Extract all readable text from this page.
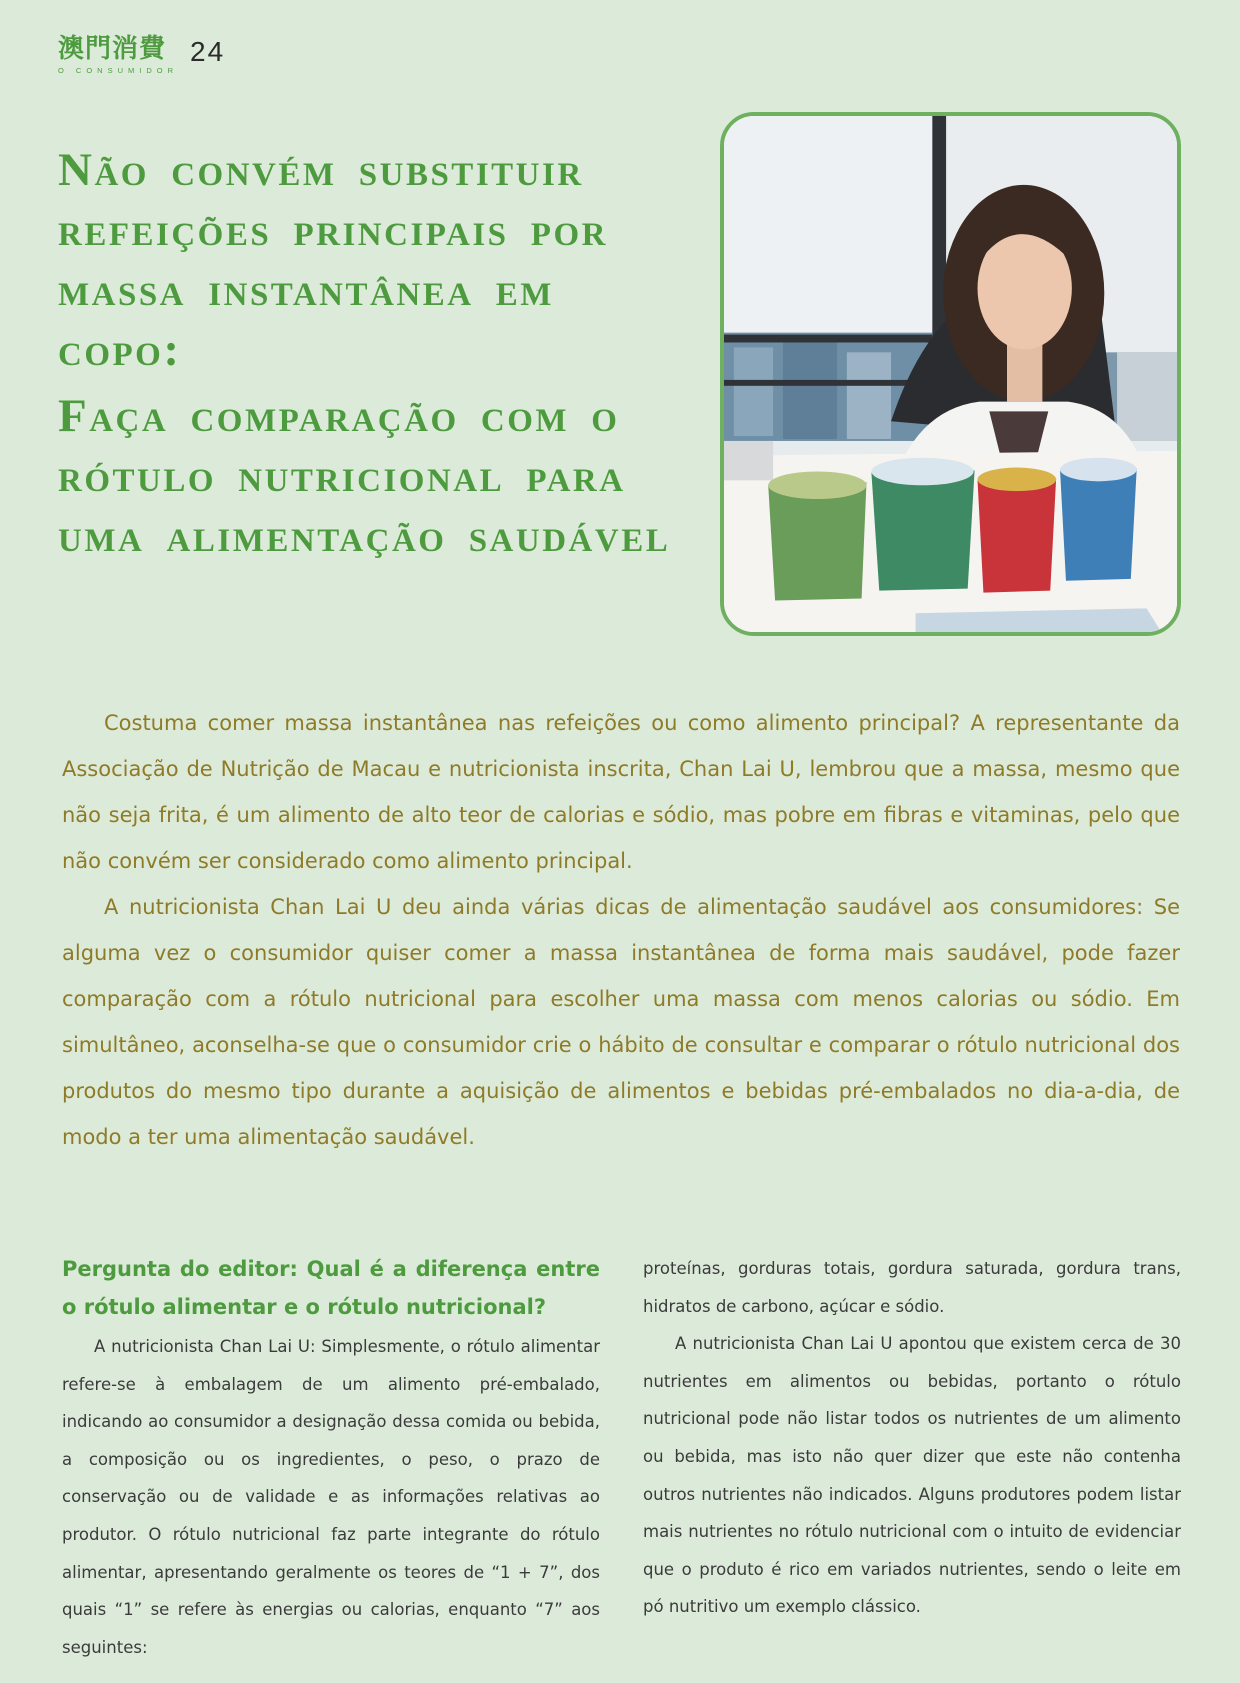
澳門消費
O CONSUMIDOR
24
Não convém substituir refeições principais por massa instantânea em copo:
Faça comparação com o rótulo nutricional para uma alimentação saudável

Costuma comer massa instantânea nas refeições ou como alimento principal? A representante da Associação de Nutrição de Macau e nutricionista inscrita, Chan Lai U, lembrou que a massa, mesmo que não seja frita, é um alimento de alto teor de calorias e sódio, mas pobre em fibras e vitaminas, pelo que não convém ser considerado como alimento principal.

A nutricionista Chan Lai U deu ainda várias dicas de alimentação saudável aos consumidores: Se alguma vez o consumidor quiser comer a massa instantânea de forma mais saudável, pode fazer comparação com a rótulo nutricional para escolher uma massa com menos calorias ou sódio. Em simultâneo, aconselha-se que o consumidor crie o hábito de consultar e comparar o rótulo nutricional dos produtos do mesmo tipo durante a aquisição de alimentos e bebidas pré-embalados no dia-a-dia, de modo a ter uma alimentação saudável.

Pergunta do editor: Qual é a diferença entre o rótulo alimentar e o rótulo nutricional?

A nutricionista Chan Lai U: Simplesmente, o rótulo alimentar refere-se à embalagem de um alimento pré-embalado, indicando ao consumidor a designação dessa comida ou bebida, a composição ou os ingredientes, o peso, o prazo de conservação ou de validade e as informações relativas ao produtor. O rótulo nutricional faz parte integrante do rótulo alimentar, apresentando geralmente os teores de “1 + 7”, dos quais “1” se refere às energias ou calorias, enquanto “7” aos seguintes:

proteínas, gorduras totais, gordura saturada, gordura trans, hidratos de carbono, açúcar e sódio.

A nutricionista Chan Lai U apontou que existem cerca de 30 nutrientes em alimentos ou bebidas, portanto o rótulo nutricional pode não listar todos os nutrientes de um alimento ou bebida, mas isto não quer dizer que este não contenha outros nutrientes não indicados. Alguns produtores podem listar mais nutrientes no rótulo nutricional com o intuito de evidenciar que o produto é rico em variados nutrientes, sendo o leite em pó nutritivo um exemplo clássico.
